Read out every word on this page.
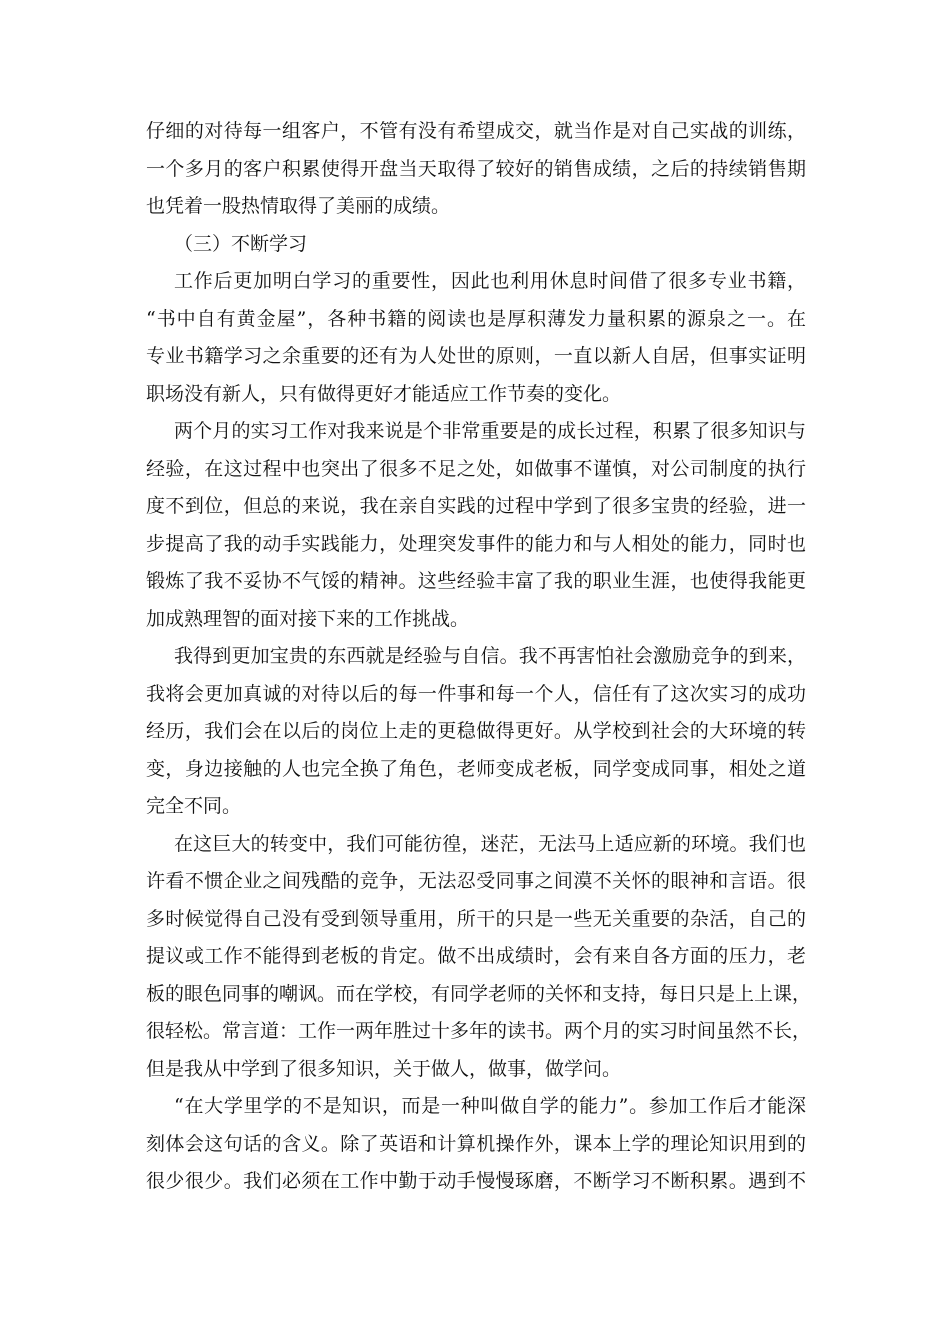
仔细的对待每一组客户，不管有没有希望成交，就当作是对自己实战的训练，
一个多月的客户积累使得开盘当天取得了较好的销售成绩，之后的持续销售期
也凭着一股热情取得了美丽的成绩。
（三）不断学习
工作后更加明白学习的重要性，因此也利用休息时间借了很多专业书籍，
“书中自有黄金屋”，各种书籍的阅读也是厚积薄发力量积累的源泉之一。在
专业书籍学习之余重要的还有为人处世的原则，一直以新人自居，但事实证明
职场没有新人，只有做得更好才能适应工作节奏的变化。
两个月的实习工作对我来说是个非常重要是的成长过程，积累了很多知识与
经验，在这过程中也突出了很多不足之处，如做事不谨慎，对公司制度的执行
度不到位，但总的来说，我在亲自实践的过程中学到了很多宝贵的经验，进一
步提高了我的动手实践能力，处理突发事件的能力和与人相处的能力，同时也
锻炼了我不妥协不气馁的精神。这些经验丰富了我的职业生涯，也使得我能更
加成熟理智的面对接下来的工作挑战。
我得到更加宝贵的东西就是经验与自信。我不再害怕社会激励竞争的到来，
我将会更加真诚的对待以后的每一件事和每一个人，信任有了这次实习的成功
经历，我们会在以后的岗位上走的更稳做得更好。从学校到社会的大环境的转
变，身边接触的人也完全换了角色，老师变成老板，同学变成同事，相处之道
完全不同。
在这巨大的转变中，我们可能彷徨，迷茫，无法马上适应新的环境。我们也
许看不惯企业之间残酷的竞争，无法忍受同事之间漠不关怀的眼神和言语。很
多时候觉得自己没有受到领导重用，所干的只是一些无关重要的杂活，自己的
提议或工作不能得到老板的肯定。做不出成绩时，会有来自各方面的压力，老
板的眼色同事的嘲讽。而在学校，有同学老师的关怀和支持，每日只是上上课，
很轻松。常言道：工作一两年胜过十多年的读书。两个月的实习时间虽然不长，
但是我从中学到了很多知识，关于做人，做事，做学问。
“在大学里学的不是知识，而是一种叫做自学的能力”。参加工作后才能深
刻体会这句话的含义。除了英语和计算机操作外，课本上学的理论知识用到的
很少很少。我们必须在工作中勤于动手慢慢琢磨，不断学习不断积累。遇到不
